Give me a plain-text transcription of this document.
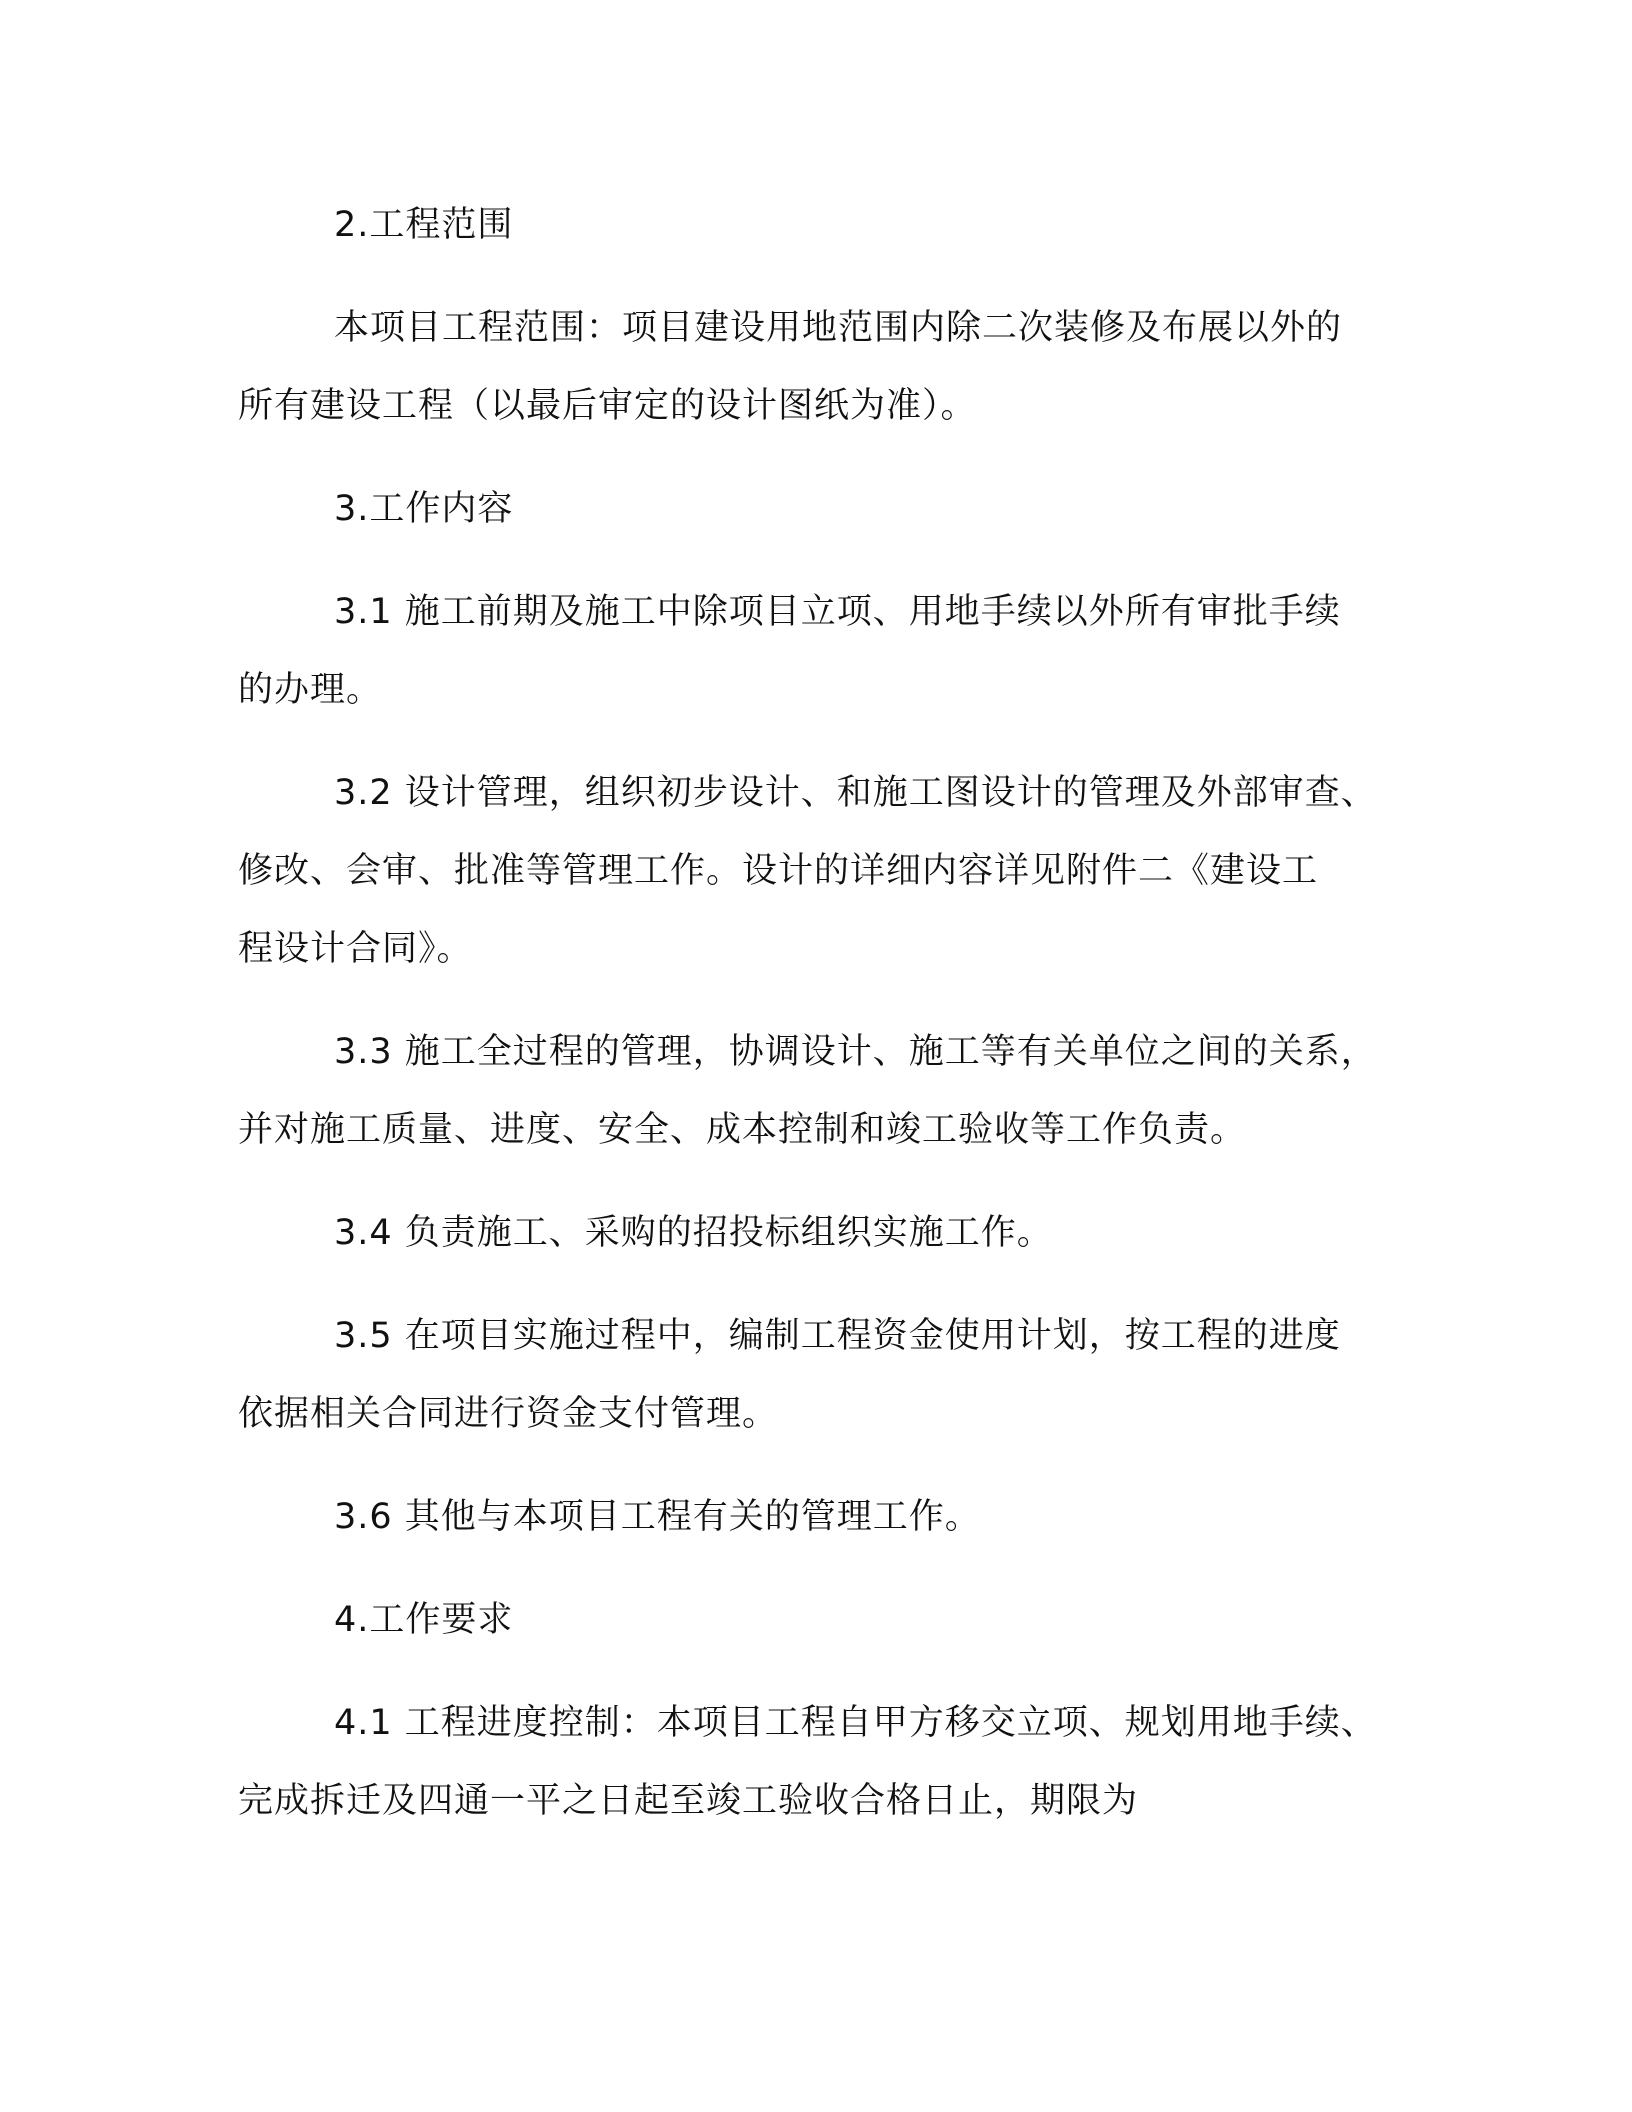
2.工程范围

本项目工程范围：项目建设用地范围内除二次装修及布展以外的
所有建设工程（以最后审定的设计图纸为准）。

3.工作内容

3.1 施工前期及施工中除项目立项、用地手续以外所有审批手续
的办理。

3.2 设计管理，组织初步设计、和施工图设计的管理及外部审查、
修改、会审、批准等管理工作。设计的详细内容详见附件二《建设工
程设计合同》。

3.3 施工全过程的管理，协调设计、施工等有关单位之间的关系，
并对施工质量、进度、安全、成本控制和竣工验收等工作负责。

3.4 负责施工、采购的招投标组织实施工作。

3.5 在项目实施过程中，编制工程资金使用计划，按工程的进度
依据相关合同进行资金支付管理。

3.6 其他与本项目工程有关的管理工作。

4.工作要求

4.1 工程进度控制：本项目工程自甲方移交立项、规划用地手续、
完成拆迁及四通一平之日起至竣工验收合格日止，期限为
